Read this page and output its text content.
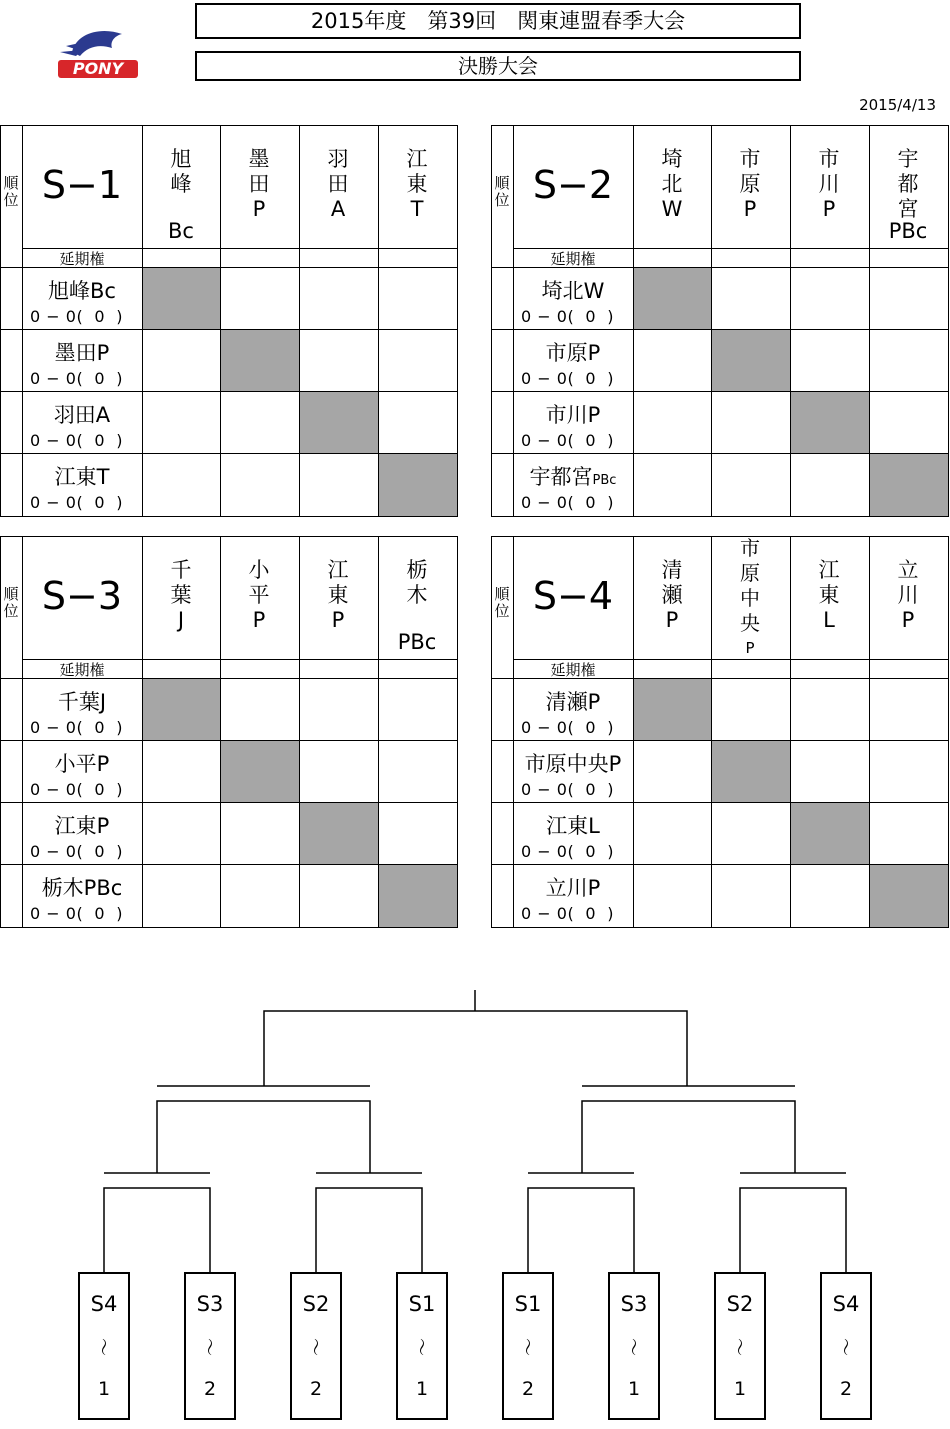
PONY
2015年度　第39回　関東連盟春季大会
決勝大会
2015/4/13
順位 S−1
延期権
旭
峰
Bc
墨
田
P
羽
田
A
江
東
T
旭峰Bc
0 − 0(  0  )
墨田P
0 − 0(  0  )
羽田A
0 − 0(  0  )
江東T
0 − 0(  0  )
順位 S−2
延期権
埼
北
W
市
原
P
市
川
P
宇
都
宮
PBc
埼北W
0 − 0(  0  )
市原P
0 − 0(  0  )
市川P
0 − 0(  0  )
宇都宮PBc
0 − 0(  0  )
順位 S−3
延期権
千
葉
J
小
平
P
江
東
P
栃
木
PBc
千葉J
0 − 0(  0  )
小平P
0 − 0(  0  )
江東P
0 − 0(  0  )
栃木PBc
0 − 0(  0  )
順位 S−4
延期権
清
瀬
P
市
原
中
央
P
江
東
L
立
川
P
清瀬P
0 − 0(  0  )
市原中央P
0 − 0(  0  )
江東L
0 − 0(  0  )
立川P
0 − 0(  0  )
S4
〜
1
S3
〜
2
S2
〜
2
S1
〜
1
S1
〜
2
S3
〜
1
S2
〜
1
S4
〜
2
